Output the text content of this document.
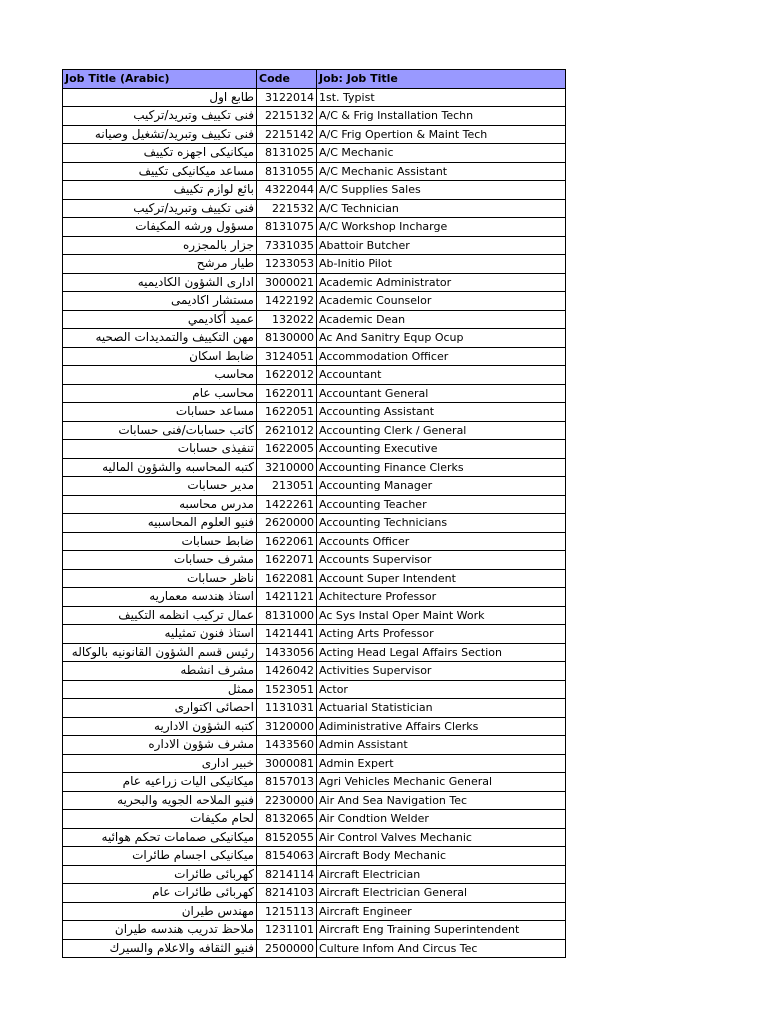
Job Title (Arabic)	Code	Job: Job Title
طابع اول	3122014	1st. Typist
فنى تكييف وتبريد/تركيب	2215132	A/C & Frig Installation Techn
فنى تكييف وتبريد/تشغيل وصيانه	2215142	A/C Frig Opertion & Maint Tech
ميكانيكى اجهزه تكييف	8131025	A/C Mechanic
مساعد ميكانيكى تكييف	8131055	A/C Mechanic Assistant
بائع لوازم تكييف	4322044	A/C Supplies Sales
فنى تكييف وتبريد/تركيب	221532	A/C Technician
مسؤول ورشه المكيفات	8131075	A/C Workshop Incharge
جزار بالمجزره	7331035	Abattoir Butcher
طيار مرشح	1233053	Ab-Initio Pilot
ادارى الشؤون الكاديميه	3000021	Academic Administrator
مستشار اكاديمى	1422192	Academic Counselor
عميد أكاديمي	132022	Academic Dean
مهن التكييف والتمديدات الصحيه	8130000	Ac And Sanitry Equp Ocup
ضابط اسكان	3124051	Accommodation Officer
محاسب	1622012	Accountant
محاسب عام	1622011	Accountant General
مساعد حسابات	1622051	Accounting Assistant
كاتب حسابات/فنى حسابات	2621012	Accounting Clerk / General
تنفيذى حسابات	1622005	Accounting Executive
كتبه المحاسبه والشؤون الماليه	3210000	Accounting Finance Clerks
مدير حسابات	213051	Accounting Manager
مدرس محاسبه	1422261	Accounting Teacher
فنيو العلوم المحاسبيه	2620000	Accounting Technicians
ضابط حسابات	1622061	Accounts Officer
مشرف حسابات	1622071	Accounts Supervisor
ناظر حسابات	1622081	Account Super Intendent
استاذ هندسه معماريه	1421121	Achitecture Professor
عمال تركيب انظمه التكييف	8131000	Ac Sys Instal Oper Maint Work
استاذ فنون تمثيليه	1421441	Acting Arts Professor
رئيس قسم الشؤون القانونيه بالوكاله	1433056	Acting Head Legal Affairs Section
مشرف انشطه	1426042	Activities Supervisor
ممثل	1523051	Actor
احصائى اكتوارى	1131031	Actuarial Statistician
كتبه الشؤون الاداريه	3120000	Adiministrative Affairs Clerks
مشرف شؤون الاداره	1433560	Admin Assistant
خبير ادارى	3000081	Admin Expert
ميكانيكى اليات زراعيه عام	8157013	Agri Vehicles Mechanic General
فنيو الملاحه الجويه والبحريه	2230000	Air And Sea Navigation Tec
لحام مكيفات	8132065	Air Condtion Welder
ميكانيكى صمامات تحكم هوائيه	8152055	Air Control Valves Mechanic
ميكانيكى اجسام طائرات	8154063	Aircraft Body Mechanic
كهربائى طائرات	8214114	Aircraft Electrician
كهربائى طائرات عام	8214103	Aircraft Electrician General
مهندس طيران	1215113	Aircraft Engineer
ملاحظ تدريب هندسه طيران	1231101	Aircraft Eng Training Superintendent
فنيو الثقافه والاعلام والسيرك	2500000	Culture Infom And Circus Tec
